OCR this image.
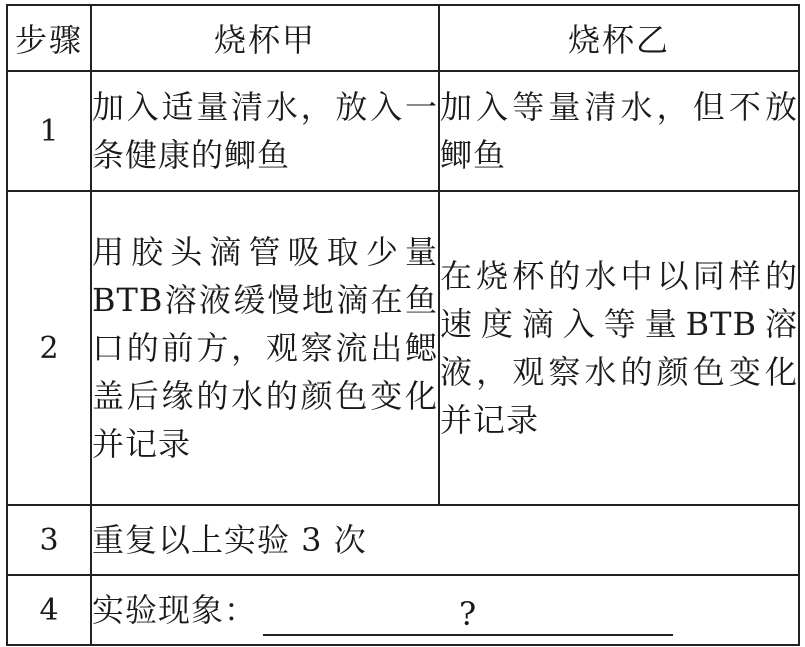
步骤	烧杯甲	烧杯乙
1	加入适量清水，放入一条健康的鲫鱼	加入等量清水，但不放鲫鱼
2	用胶头滴管吸取少量BTB溶液缓慢地滴在鱼口的前方，观察流出鳃盖后缘的水的颜色变化并记录	在烧杯的水中以同样的速度滴入等量BTB溶液，观察水的颜色变化并记录
3	重复以上实验 3 次	
4	实验现象： ?	
